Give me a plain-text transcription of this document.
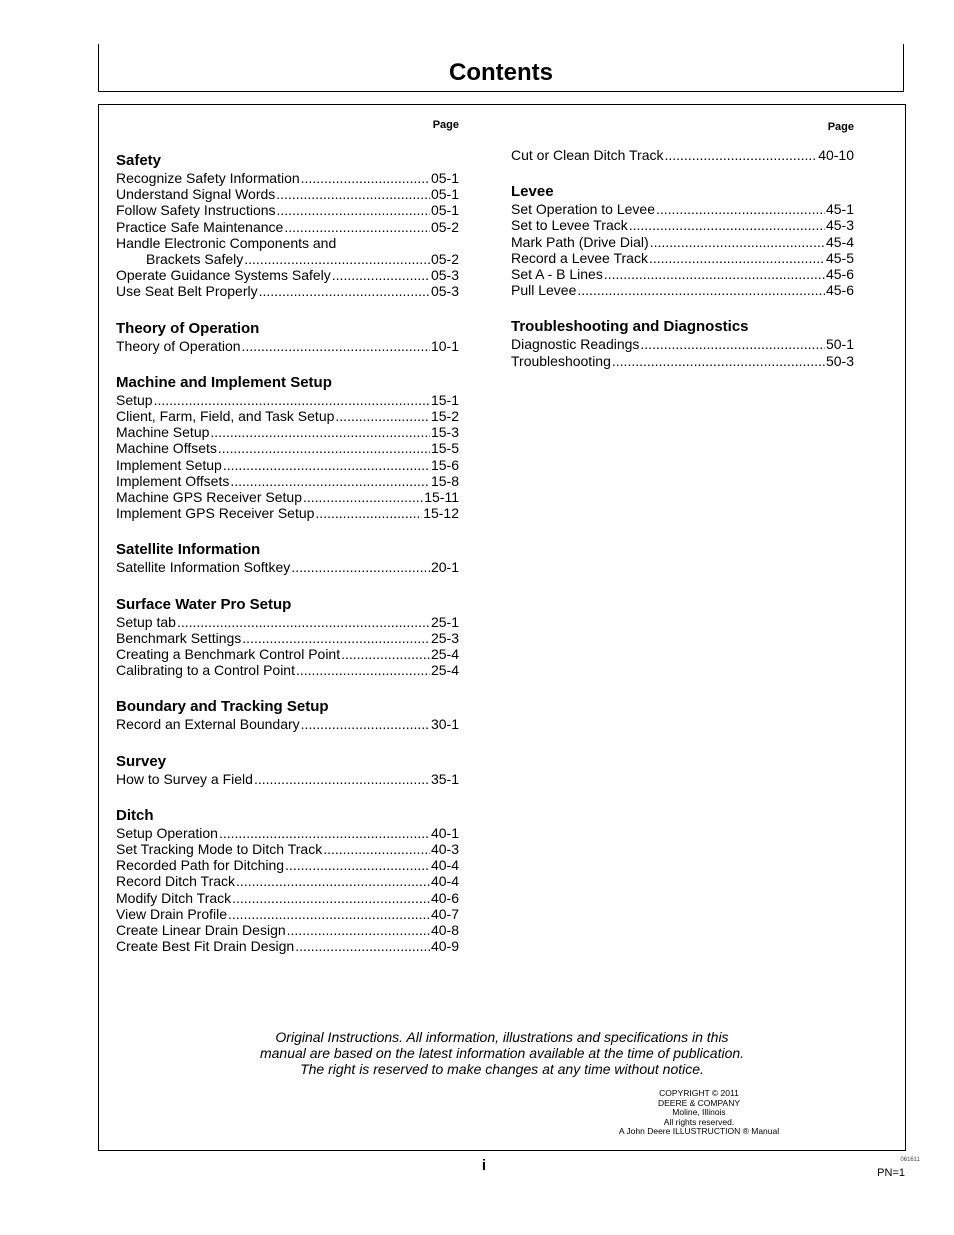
Contents
Page
Safety
Recognize Safety Information .....	05-1
Understand Signal Words .....	05-1
Follow Safety Instructions .....	05-1
Practice Safe Maintenance .....	05-2
Handle Electronic Components and
Brackets Safely .....	05-2
Operate Guidance Systems Safely .....	05-3
Use Seat Belt Properly .....	05-3
Theory of Operation
Theory of Operation .....	10-1
Machine and Implement Setup
Setup .....	15-1
Client, Farm, Field, and Task Setup .....	15-2
Machine Setup .....	15-3
Machine Offsets .....	15-5
Implement Setup .....	15-6
Implement Offsets .....	15-8
Machine GPS Receiver Setup .....	15-11
Implement GPS Receiver Setup .....	15-12
Satellite Information
Satellite Information Softkey .....	20-1
Surface Water Pro Setup
Setup tab .....	25-1
Benchmark Settings .....	25-3
Creating a Benchmark Control Point .....	25-4
Calibrating to a Control Point .....	25-4
Boundary and Tracking Setup
Record an External Boundary .....	30-1
Survey
How to Survey a Field .....	35-1
Ditch
Setup Operation .....	40-1
Set Tracking Mode to Ditch Track .....	40-3
Recorded Path for Ditching .....	40-4
Record Ditch Track .....	40-4
Modify Ditch Track .....	40-6
View Drain Profile .....	40-7
Create Linear Drain Design .....	40-8
Create Best Fit Drain Design .....	40-9
Page
Cut or Clean Ditch Track .....	40-10
Levee
Set Operation to Levee .....	45-1
Set to Levee Track .....	45-3
Mark Path (Drive Dial) .....	45-4
Record a Levee Track .....	45-5
Set A - B Lines .....	45-6
Pull Levee .....	45-6
Troubleshooting and Diagnostics
Diagnostic Readings .....	50-1
Troubleshooting .....	50-3
Original Instructions. All information, illustrations and specifications in this
manual are based on the latest information available at the time of publication.
The right is reserved to make changes at any time without notice.
COPYRIGHT © 2011
DEERE & COMPANY
Moline, Illinois
All rights reserved.
A John Deere ILLUSTRUCTION ® Manual
i	061611
PN=1
